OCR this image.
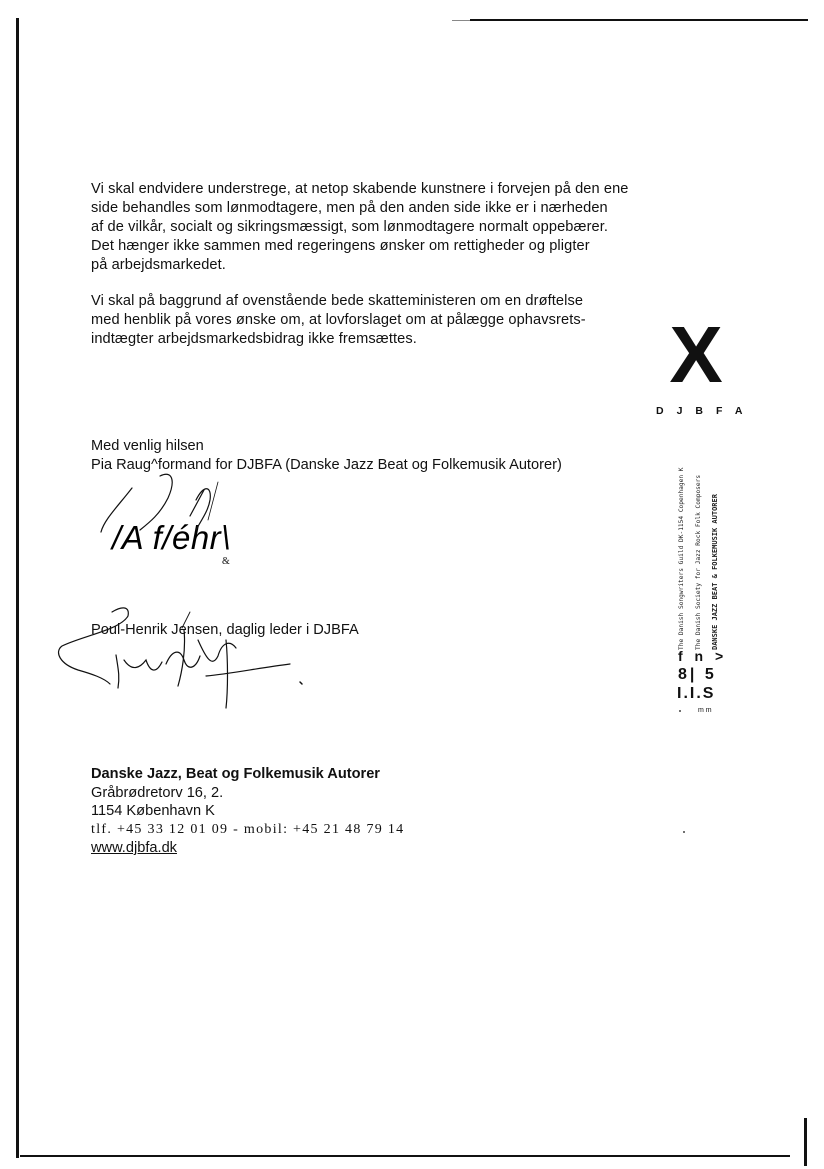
Vi skal endvidere understrege, at netop skabende kunstnere i forvejen på den ene
side behandles som lønmodtagere, men på den anden side ikke er i nærheden
af de vilkår, socialt og sikringsmæssigt, som lønmodtagere normalt oppebærer.
Det hænger ikke sammen med regeringens ønsker om rettigheder og pligter
på arbejdsmarkedet.
Vi skal på baggrund af ovenstående bede skatteministeren om en drøftelse
med henblik på vores ønske om, at lovforslaget om at pålægge ophavsrets-
indtægter arbejdsmarkedsbidrag ikke fremsættes.	X
DJBFA
Med venlig hilsen
Pia Raug^formand for DJBFA (Danske Jazz Beat og Folkemusik Autorer)
/A f/éhr\
&
Poul-Henrik Jensen, daglig leder i DJBFA	The Danish Songwriters Guild DK-1154 Copenhagen K The Danish Society for Jazz Rock Folk Composers DANSKE JAZZ BEAT & FOLKEMUSIK AUTORER
f n >
8| 5
I.I.S
m m
Danske Jazz, Beat og Folkemusik Autorer
Gråbrødretorv 16, 2.
1154 København K
tlf. +45 33 12 01 09 - mobil: +45 21 48 79 14
www.djbfa.dk
